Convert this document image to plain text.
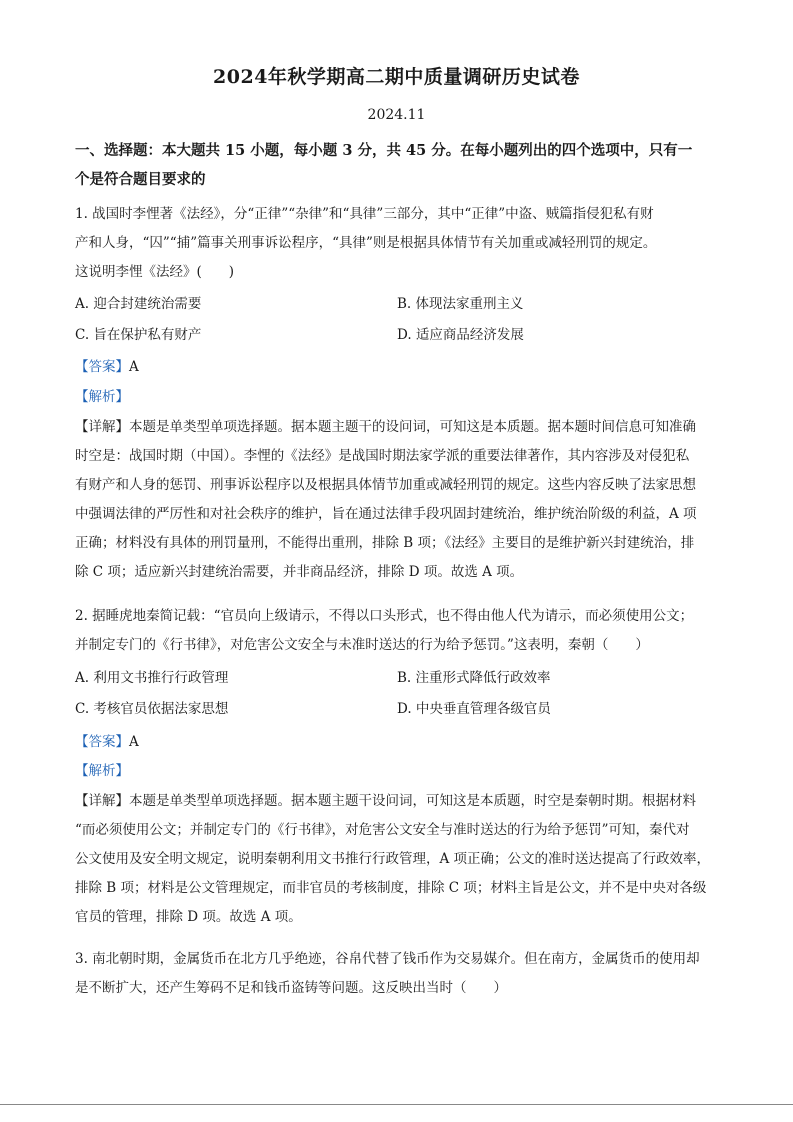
2024年秋学期高二期中质量调研历史试卷
2024.11
一、选择题：本大题共 15 小题，每小题 3 分，共 45 分。在每小题列出的四个选项中，只有一
个是符合题目要求的
1. 战国时李悝著《法经》，分“正律”“杂律”和“具律”三部分，其中“正律”中盗、贼篇指侵犯私有财
产和人身，“囚”“捕”篇事关刑事诉讼程序，“具律”则是根据具体情节有关加重或减轻刑罚的规定。
这说明李悝《法经》(　　)
A. 迎合封建统治需要	B. 体现法家重刑主义
C. 旨在保护私有财产	D. 适应商品经济发展
【答案】A
【解析】
【详解】本题是单类型单项选择题。据本题主题干的设问词，可知这是本质题。据本题时间信息可知准确
时空是：战国时期（中国）。李悝的《法经》是战国时期法家学派的重要法律著作，其内容涉及对侵犯私
有财产和人身的惩罚、刑事诉讼程序以及根据具体情节加重或减轻刑罚的规定。这些内容反映了法家思想
中强调法律的严厉性和对社会秩序的维护，旨在通过法律手段巩固封建统治，维护统治阶级的利益，A 项
正确；材料没有具体的刑罚量刑，不能得出重刑，排除 B 项；《法经》主要目的是维护新兴封建统治，排
除 C 项；适应新兴封建统治需要，并非商品经济，排除 D 项。故选 A 项。
2. 据睡虎地秦简记载：“官员向上级请示，不得以口头形式，也不得由他人代为请示，而必须使用公文；
并制定专门的《行书律》，对危害公文安全与未准时送达的行为给予惩罚。”这表明，秦朝（　　）
A. 利用文书推行行政管理	B. 注重形式降低行政效率
C. 考核官员依据法家思想	D. 中央垂直管理各级官员
【答案】A
【解析】
【详解】本题是单类型单项选择题。据本题主题干设问词，可知这是本质题，时空是秦朝时期。根据材料
“而必须使用公文；并制定专门的《行书律》，对危害公文安全与准时送达的行为给予惩罚”可知，秦代对
公文使用及安全明文规定，说明秦朝利用文书推行行政管理，A 项正确；公文的准时送达提高了行政效率，
排除 B 项；材料是公文管理规定，而非官员的考核制度，排除 C 项；材料主旨是公文，并不是中央对各级
官员的管理，排除 D 项。故选 A 项。
3. 南北朝时期，金属货币在北方几乎绝迹，谷帛代替了钱币作为交易媒介。但在南方，金属货币的使用却
是不断扩大，还产生筹码不足和钱币盗铸等问题。这反映出当时（　　）
